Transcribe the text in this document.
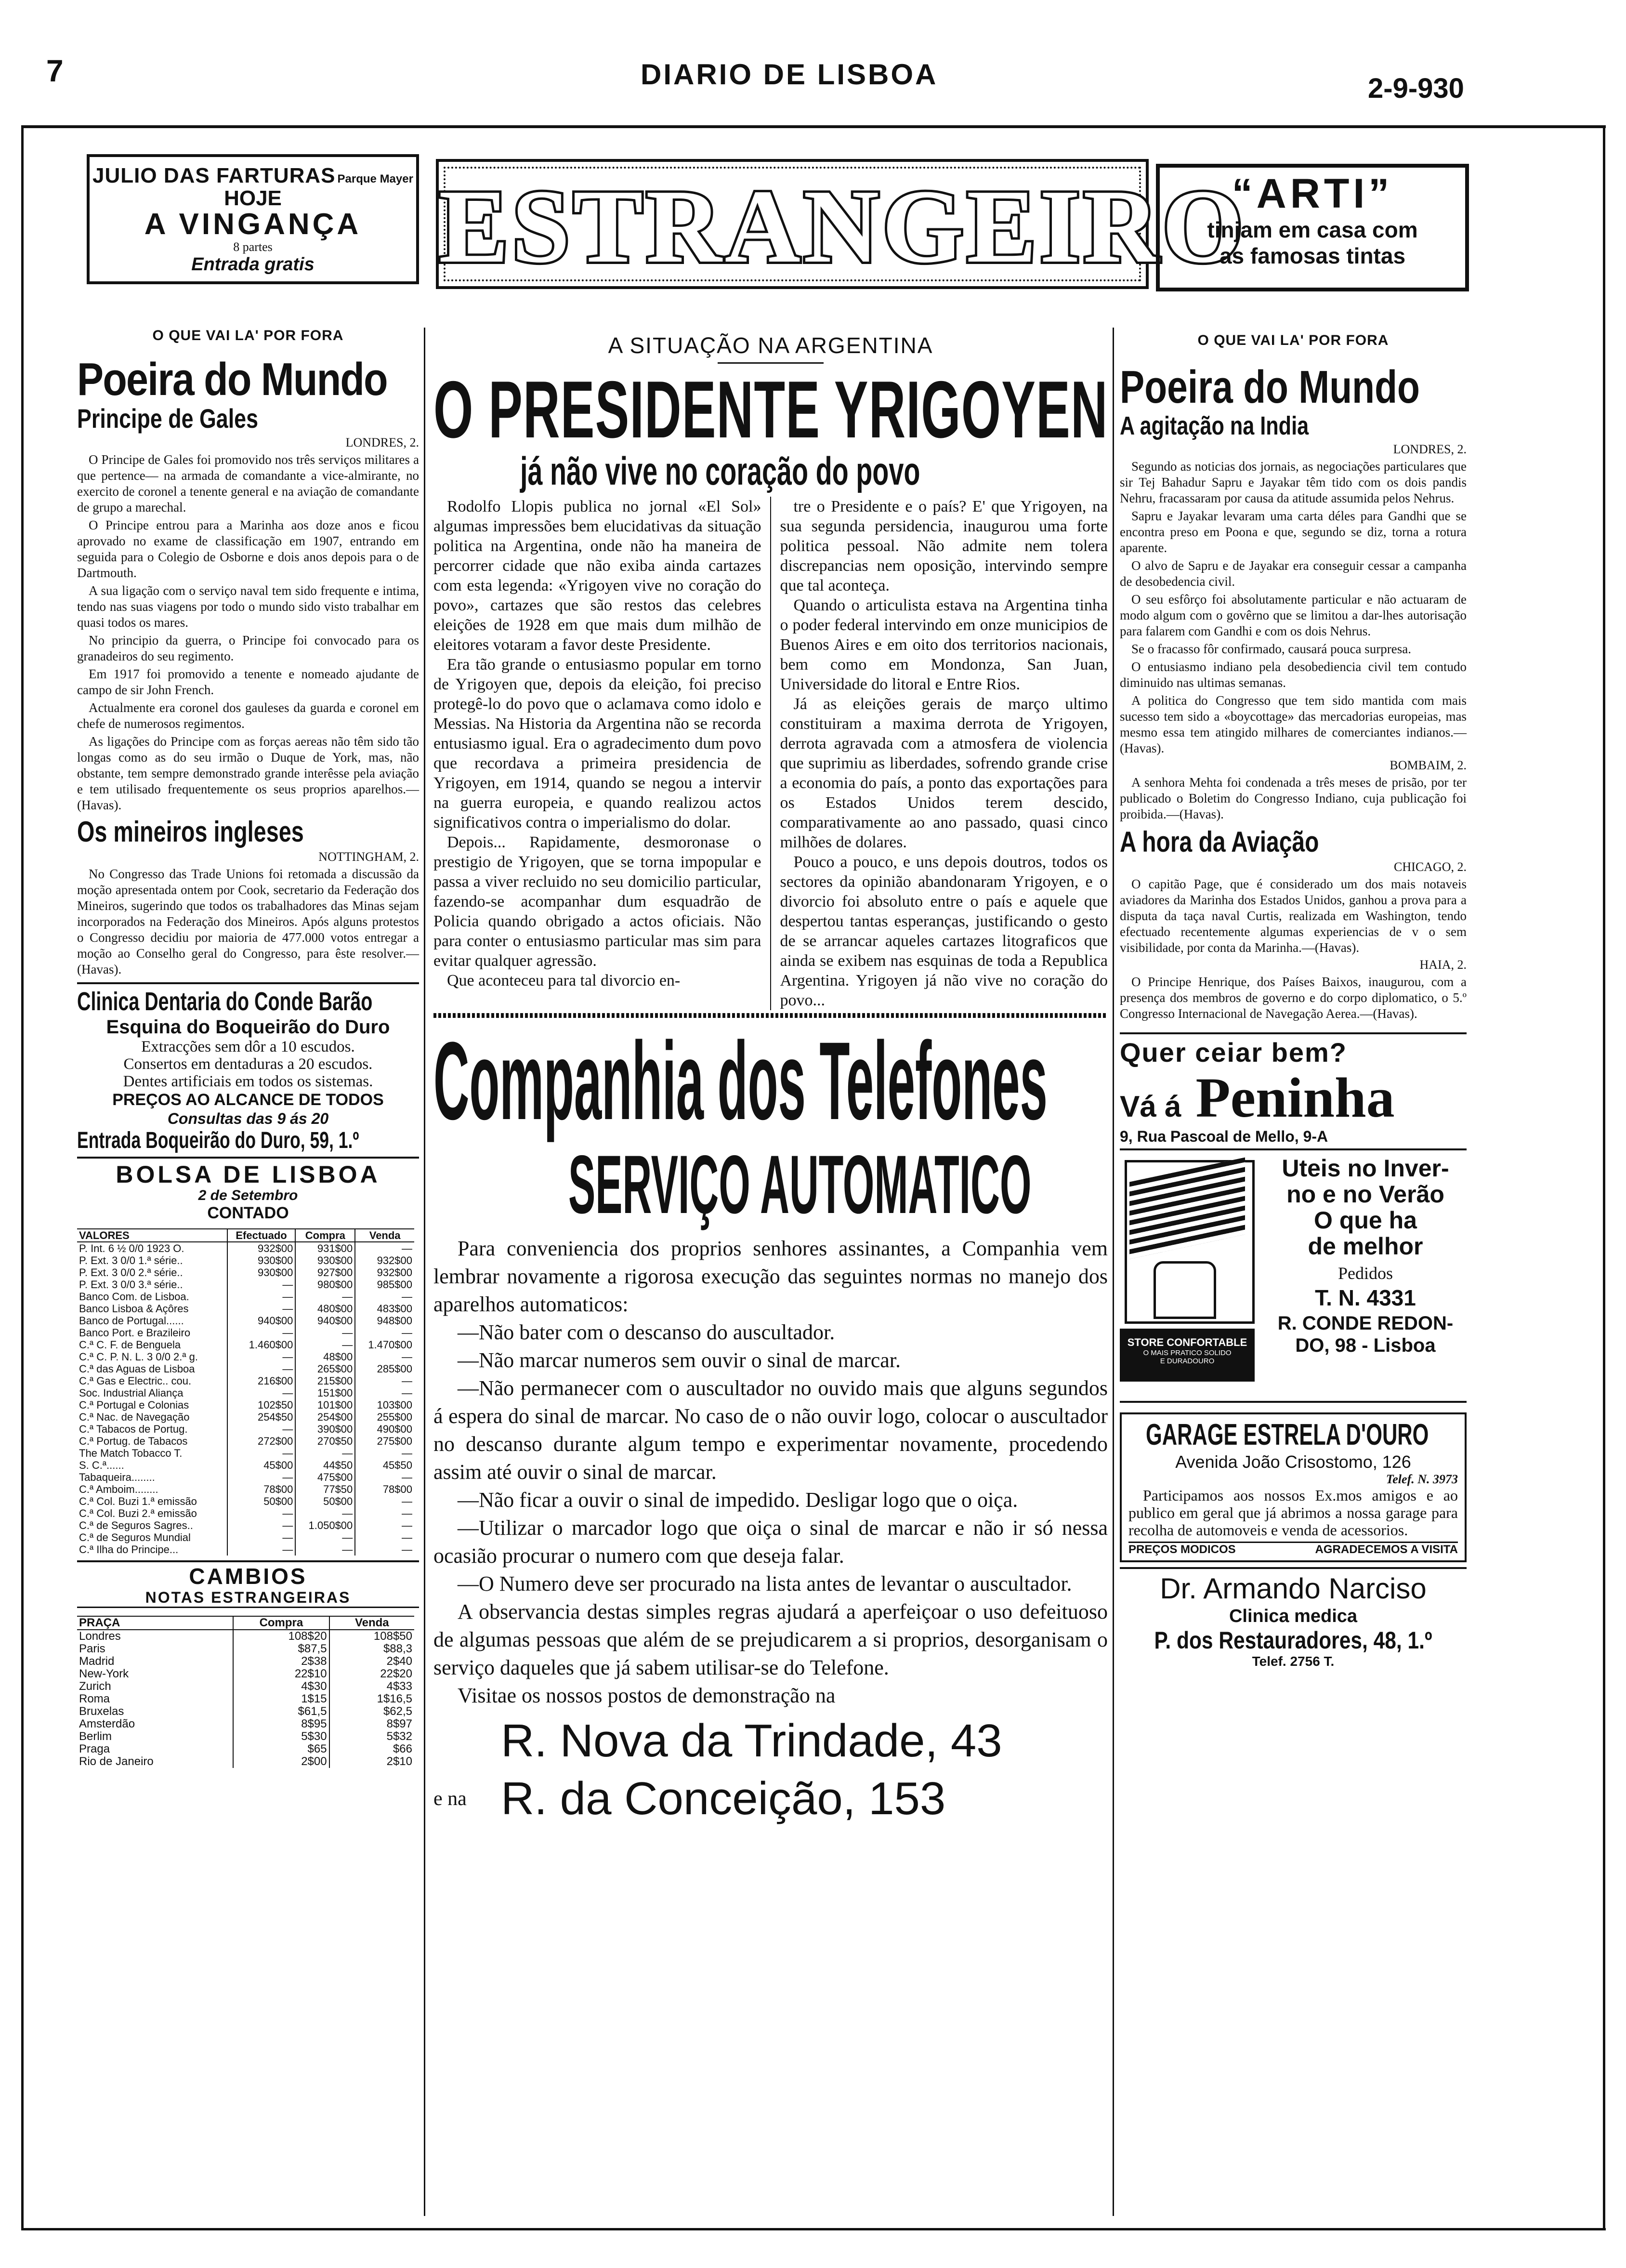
7	DIARIO DE LISBOA	2-9-930
JULIO DAS FARTURAS Parque Mayer
HOJE
A VINGANÇA
8 partes
Entrada gratis	ESTRANGEIRO
“ARTI”
tinjam em casa com
as famosas tintas
O QUE VAI LA' POR FORA
Poeira do Mundo
Principe de Gales
LONDRES, 2.

O Principe de Gales foi promovido nos três serviços militares a que pertence— na armada de comandante a vice-almirante, no exercito de coronel a tenente general e na aviação de comandante de grupo a marechal.

O Principe entrou para a Marinha aos doze anos e ficou aprovado no exame de classificação em 1907, entrando em seguida para o Colegio de Osborne e dois anos depois para o de Dartmouth.

A sua ligação com o serviço naval tem sido frequente e intima, tendo nas suas viagens por todo o mundo sido visto trabalhar em quasi todos os mares.

No principio da guerra, o Principe foi convocado para os granadeiros do seu regimento.

Em 1917 foi promovido a tenente e nomeado ajudante de campo de sir John French.

Actualmente era coronel dos gauleses da guarda e coronel em chefe de numerosos regimentos.

As ligações do Principe com as forças aereas não têm sido tão longas como as do seu irmão o Duque de York, mas, não obstante, tem sempre demonstrado grande interêsse pela aviação e tem utilisado frequentemente os seus proprios aparelhos.—(Havas).

Os mineiros ingleses
NOTTINGHAM, 2.

No Congresso das Trade Unions foi retomada a discussão da moção apresentada ontem por Cook, secretario da Federação dos Mineiros, sugerindo que todos os trabalhadores das Minas sejam incorporados na Federação dos Mineiros. Após alguns protestos o Congresso decidiu por maioria de 477.000 votos entregar a moção ao Conselho geral do Congresso, para êste resolver.—(Havas).

Clinica Dentaria do Conde Barão
Esquina do Boqueirão do Duro
Extracções sem dôr a 10 escudos.
Consertos em dentaduras a 20 escudos.
Dentes artificiais em todos os sistemas.
PREÇOS AO ALCANCE DE TODOS
Consultas das 9 ás 20
Entrada Boqueirão do Duro, 59, 1.º
BOLSA DE LISBOA
2 de Setembro
CONTADO
VALORES	Efectuado	Compra	Venda
P. Int. 6 ½ 0/0 1923 O.	932$00	931$00	—
P. Ext. 3 0/0 1.ª série..	930$00	930$00	932$00
P. Ext. 3 0/0 2.ª série..	930$00	927$00	932$00
P. Ext. 3 0/0 3.ª série..	—	980$00	985$00
Banco Com. de Lisboa.	—	—	—
Banco Lisboa & Açôres	—	480$00	483$00
Banco de Portugal......	940$00	940$00	948$00
Banco Port. e Brazileiro	—	—	—
C.ª C. F. de Benguela	1.460$00	—	1.470$00
C.ª C. P. N. L. 3 0/0 2.ª g.	—	48$00	—
C.ª das Aguas de Lisboa	—	265$00	285$00
C.ª Gas e Electric.. cou.	216$00	215$00	—
Soc. Industrial Aliança	—	151$00	—
C.ª Portugal e Colonias	102$50	101$00	103$00
C.ª Nac. de Navegação	254$50	254$00	255$00
C.ª Tabacos de Portug.	—	390$00	490$00
C.ª Portug. de Tabacos	272$00	270$50	275$00
The Match Tobacco T.	—	—	—
S. C.ª......	45$00	44$50	45$50
Tabaqueira........	—	475$00	—
C.ª Amboim........	78$00	77$50	78$00
C.ª Col. Buzi 1.ª emissão	50$00	50$00	—
C.ª Col. Buzi 2.ª emissão	—	—	—
C.ª de Seguros Sagres..	—	1.050$00	—
C.ª de Seguros Mundial	—	—	—
C.ª Ilha do Principe...	—	—	—
CAMBIOS
NOTAS ESTRANGEIRAS
PRAÇA	Compra	Venda
Londres	108$20	108$50
Paris	$87,5	$88,3
Madrid	2$38	2$40
New-York	22$10	22$20
Zurich	4$30	4$33
Roma	1$15	1$16,5
Bruxelas	$61,5	$62,5
Amsterdão	8$95	8$97
Berlim	5$30	5$32
Praga	$65	$66
Rio de Janeiro	2$00	2$10
A SITUAÇÃO NA ARGENTINA
O PRESIDENTE YRIGOYEN
já não vive no coração do povo

Rodolfo Llopis publica no jornal «El Sol» algumas impressões bem elucidativas da situação politica na Argentina, onde não ha maneira de percorrer cidade que não exiba ainda cartazes com esta legenda: «Yrigoyen vive no coração do povo», cartazes que são restos das celebres eleições de 1928 em que mais dum milhão de eleitores votaram a favor deste Presidente.

Era tão grande o entusiasmo popular em torno de Yrigoyen que, depois da eleição, foi preciso protegê-lo do povo que o aclamava como idolo e Messias. Na Historia da Argentina não se recorda entusiasmo igual. Era o agradecimento dum povo que recordava a primeira presidencia de Yrigoyen, em 1914, quando se negou a intervir na guerra europeia, e quando realizou actos significativos contra o imperialismo do dolar.

Depois... Rapidamente, desmoronase o prestigio de Yrigoyen, que se torna impopular e passa a viver recluido no seu domicilio particular, fazendo-se acompanhar dum esquadrão de Policia quando obrigado a actos oficiais. Não para conter o entusiasmo particular mas sim para evitar qualquer agressão.

Que aconteceu para tal divorcio en-

tre o Presidente e o país? E' que Yrigoyen, na sua segunda persidencia, inaugurou uma forte politica pessoal. Não admite nem tolera discrepancias nem oposição, intervindo sempre que tal aconteça.

Quando o articulista estava na Argentina tinha o poder federal intervindo em onze municipios de Buenos Aires e em oito dos territorios nacionais, bem como em Mondonza, San Juan, Universidade do litoral e Entre Rios.

Já as eleições gerais de março ultimo constituiram a maxima derrota de Yrigoyen, derrota agravada com a atmosfera de violencia que suprimiu as liberdades, sofrendo grande crise a economia do país, a ponto das exportações para os Estados Unidos terem descido, comparativamente ao ano passado, quasi cinco milhões de dolares.

Pouco a pouco, e uns depois doutros, todos os sectores da opinião abandonaram Yrigoyen, e o divorcio foi absoluto entre o país e aquele que despertou tantas esperanças, justificando o gesto de se arrancar aqueles cartazes litograficos que ainda se exibem nas esquinas de toda a Republica Argentina. Yrigoyen já não vive no coração do povo...

Companhia dos Telefones
SERVIÇO AUTOMATICO

Para conveniencia dos proprios senhores assinantes, a Companhia vem lembrar novamente a rigorosa execução das seguintes normas no manejo dos aparelhos automaticos:

—Não bater com o descanso do auscultador.

—Não marcar numeros sem ouvir o sinal de marcar.

—Não permanecer com o auscultador no ouvido mais que alguns segundos á espera do sinal de marcar. No caso de o não ouvir logo, colocar o auscultador no descanso durante algum tempo e experimentar novamente, procedendo assim até ouvir o sinal de marcar.

—Não ficar a ouvir o sinal de impedido. Desligar logo que o oiça.

—Utilizar o marcador logo que oiça o sinal de marcar e não ir só nessa ocasião procurar o numero com que deseja falar.

—O Numero deve ser procurado na lista antes de levantar o auscultador.

A observancia destas simples regras ajudará a aperfeiçoar o uso defeituoso de algumas pessoas que além de se prejudicarem a si proprios, desorganisam o serviço daqueles que já sabem utilisar-se do Telefone.

Visitae os nossos postos de demonstração na

R. Nova da Trindade, 43
e na R. da Conceição, 153
O QUE VAI LA' POR FORA
Poeira do Mundo
A agitação na India
LONDRES, 2.

Segundo as noticias dos jornais, as negociações particulares que sir Tej Bahadur Sapru e Jayakar têm tido com os dois pandis Nehru, fracassaram por causa da atitude assumida pelos Nehrus.

Sapru e Jayakar levaram uma carta déles para Gandhi que se encontra preso em Poona e que, segundo se diz, torna a rotura aparente.

O alvo de Sapru e de Jayakar era conseguir cessar a campanha de desobedencia civil.

O seu esfôrço foi absolutamente particular e não actuaram de modo algum com o govêrno que se limitou a dar-lhes autorisação para falarem com Gandhi e com os dois Nehrus.

Se o fracasso fôr confirmado, causará pouca surpresa.

O entusiasmo indiano pela desobediencia civil tem contudo diminuido nas ultimas semanas.

A politica do Congresso que tem sido mantida com mais sucesso tem sido a «boycottage» das mercadorias europeias, mas mesmo essa tem atingido milhares de comerciantes indianos.—(Havas).

BOMBAIM, 2.

A senhora Mehta foi condenada a três meses de prisão, por ter publicado o Boletim do Congresso Indiano, cuja publicação foi proibida.—(Havas).

A hora da Aviação
CHICAGO, 2.

O capitão Page, que é considerado um dos mais notaveis aviadores da Marinha dos Estados Unidos, ganhou a prova para a disputa da taça naval Curtis, realizada em Washington, tendo efectuado recentemente algumas experiencias de v o sem visibilidade, por conta da Marinha.—(Havas).

HAIA, 2.

O Principe Henrique, dos Países Baixos, inaugurou, com a presença dos membros de governo e do corpo diplomatico, o 5.º Congresso Internacional de Navegação Aerea.—(Havas).

Quer ceiar bem?
Vá á Peninha
9, Rua Pascoal de Mello, 9-A
STORE CONFORTABLE
O MAIS PRATICO SOLIDO
E DURADOURO
Uteis no Inver-
no e no Verão
O que ha
de melhor
Pedidos
T. N. 4331
R. CONDE REDON-
DO, 98 - Lisboa
GARAGE ESTRELA D'OURO
Avenida João Crisostomo, 126
Telef. N. 3973

Participamos aos nossos Ex.mos amigos e ao publico em geral que já abrimos a nossa garage para recolha de automoveis e venda de acessorios.

PREÇOS MODICOS	AGRADECEMOS A VISITA
Dr. Armando Narciso
Clinica medica
P. dos Restauradores, 48, 1.º
Telef. 2756 T.
